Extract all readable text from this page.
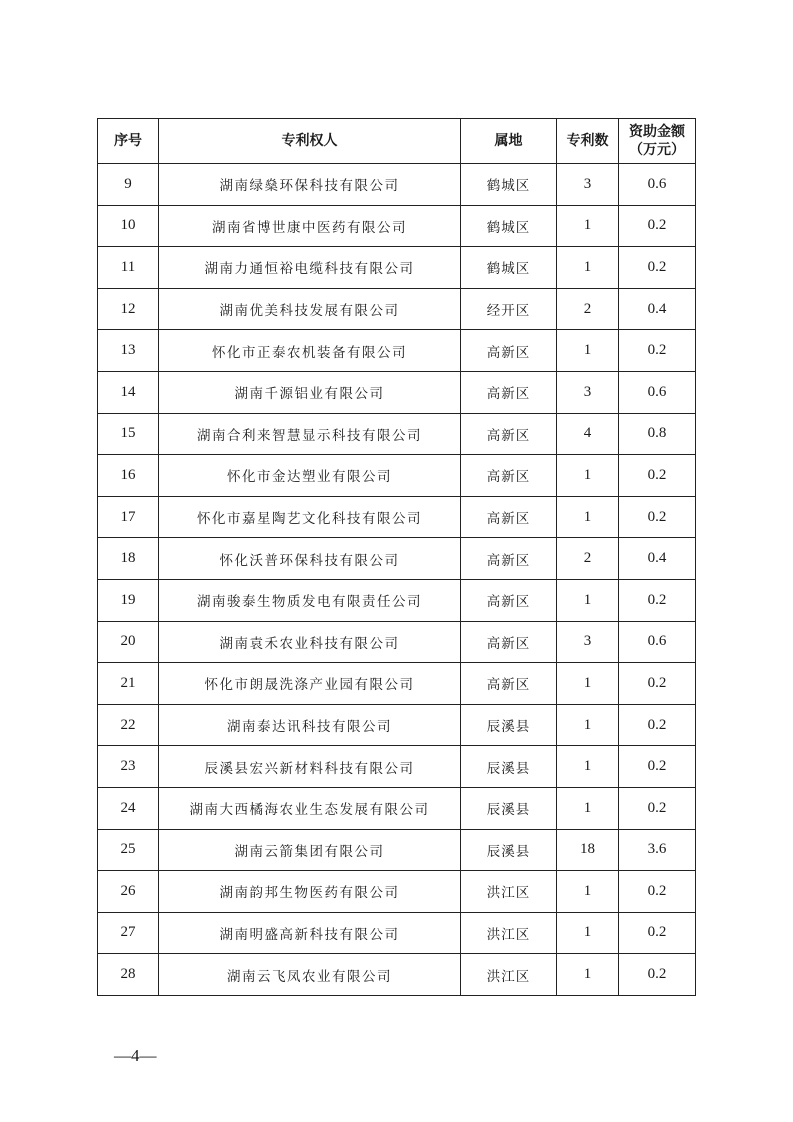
序号	专利权人	属地	专利数	资助金额
（万元）

9	湖南绿燊环保科技有限公司	鹤城区	3	0.6
10	湖南省博世康中医药有限公司	鹤城区	1	0.2
11	湖南力通恒裕电缆科技有限公司	鹤城区	1	0.2
12	湖南优美科技发展有限公司	经开区	2	0.4
13	怀化市正泰农机装备有限公司	高新区	1	0.2
14	湖南千源铝业有限公司	高新区	3	0.6
15	湖南合利来智慧显示科技有限公司	高新区	4	0.8
16	怀化市金达塑业有限公司	高新区	1	0.2
17	怀化市嘉星陶艺文化科技有限公司	高新区	1	0.2
18	怀化沃普环保科技有限公司	高新区	2	0.4
19	湖南骏泰生物质发电有限责任公司	高新区	1	0.2
20	湖南袁禾农业科技有限公司	高新区	3	0.6
21	怀化市朗晟洗涤产业园有限公司	高新区	1	0.2
22	湖南泰达讯科技有限公司	辰溪县	1	0.2
23	辰溪县宏兴新材料科技有限公司	辰溪县	1	0.2
24	湖南大西橘海农业生态发展有限公司	辰溪县	1	0.2
25	湖南云箭集团有限公司	辰溪县	18	3.6
26	湖南韵邦生物医药有限公司	洪江区	1	0.2
27	湖南明盛高新科技有限公司	洪江区	1	0.2
28	湖南云飞凤农业有限公司	洪江区	1	0.2
—4—
